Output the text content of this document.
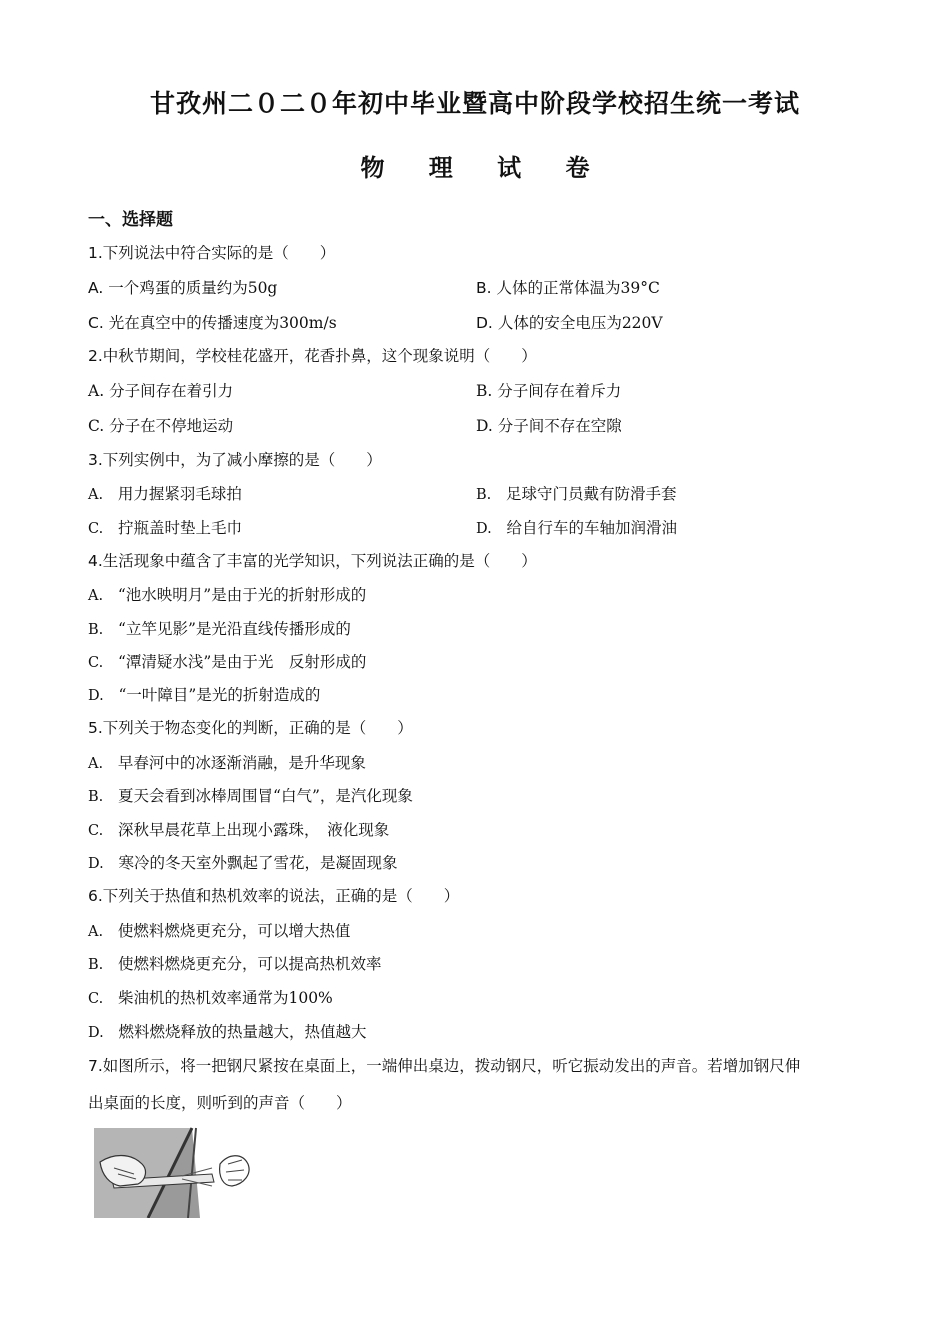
甘孜州二０二０年初中毕业暨高中阶段学校招生统一考试
物 理 试 卷
一、选择题
1.下列说法中符合实际的是（　　）
A. 一个鸡蛋的质量约为50g	B. 人体的正常体温为39°C
C. 光在真空中的传播速度为300m/s	D. 人体的安全电压为220V
2.中秋节期间，学校桂花盛开，花香扑鼻，这个现象说明（　　）
A. 分子间存在着引力	B. 分子间存在着斥力
C. 分子在不停地运动	D. 分子间不存在空隙
3.下列实例中，为了减小摩擦的是（　　）
A. 用力握紧羽毛球拍	B. 足球守门员戴有防滑手套
C. 拧瓶盖时垫上毛巾	D. 给自行车的车轴加润滑油
4.生活现象中蕴含了丰富的光学知识，下列说法正确的是（　　）
A. “池水映明月”是由于光的折射形成的
B. “立竿见影”是光沿直线传播形成的
C. “潭清疑水浅”是由于光　反射形成的
D. “一叶障目”是光的折射造成的
5.下列关于物态变化的判断，正确的是（　　）
A. 早春河中的冰逐渐消融，是升华现象
B. 夏天会看到冰棒周围冒“白气”，是汽化现象
C. 深秋早晨花草上出现小露珠，　液化现象
D. 寒冷的冬天室外飘起了雪花，是凝固现象
6.下列关于热值和热机效率的说法，正确的是（　　）
A. 使燃料燃烧更充分，可以增大热值
B. 使燃料燃烧更充分，可以提高热机效率
C. 柴油机的热机效率通常为100%
D. 燃料燃烧释放的热量越大，热值越大
7.如图所示，将一把钢尺紧按在桌面上，一端伸出桌边，拨动钢尺，听它振动发出的声音。若增加钢尺伸
出桌面的长度，则听到的声音（　　）
